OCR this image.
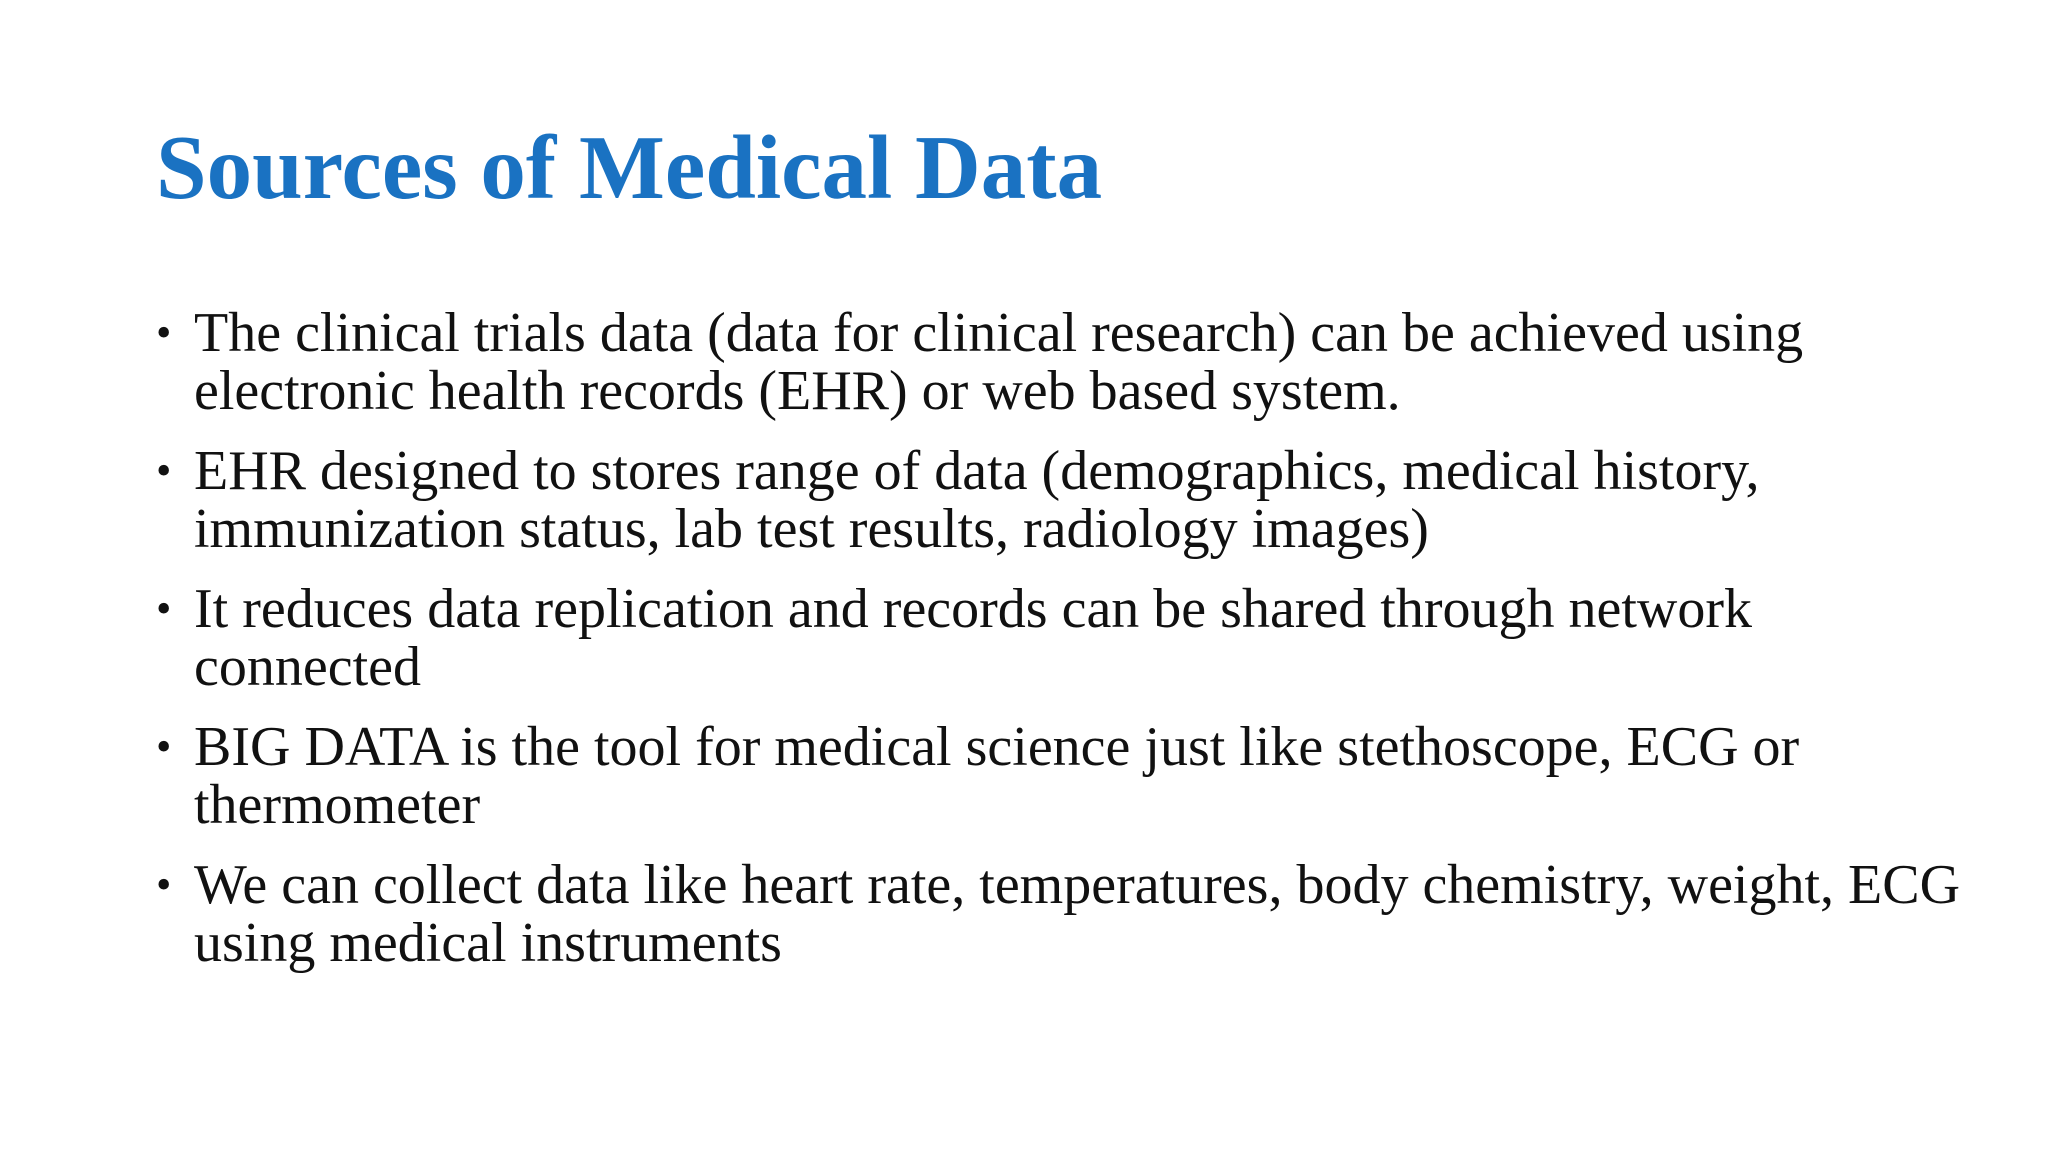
Sources of Medical Data
• The clinical trials data (data for clinical research) can be achieved using electronic health records (EHR) or web based system.
• EHR designed to stores range of data (demographics, medical history, immunization status, lab test results, radiology images)
• It reduces data replication and records can be shared through network connected
• BIG DATA is the tool for medical science just like stethoscope, ECG or thermometer
• We can collect data like heart rate, temperatures, body chemistry, weight, ECG using medical instruments
